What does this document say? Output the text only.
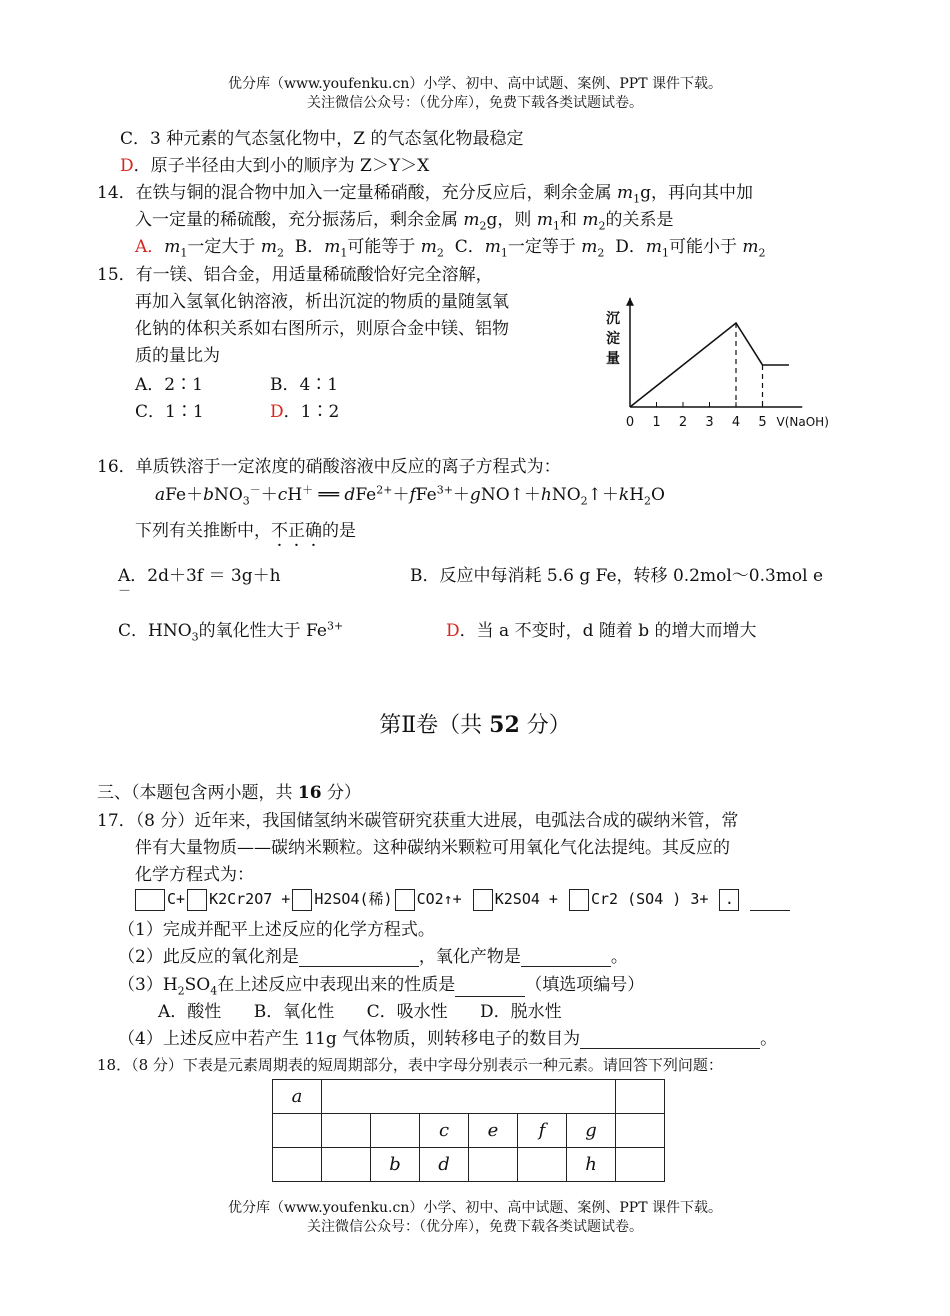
优分库（www.youfenku.cn）小学、初中、高中试题、案例、PPT 课件下载。
关注微信公众号：（优分库），免费下载各类试题试卷。
C．3 种元素的气态氢化物中，Z 的气态氢化物最稳定
D．原子半径由大到小的顺序为 Z＞Y＞X
14．在铁与铜的混合物中加入一定量稀硝酸，充分反应后，剩余金属 $m_1g$，再向其中加
入一定量的稀硫酸，充分振荡后，剩余金属 $m_2g$，则 $m_1$和 $m_2$的关系是
A．$m_1$一定大于 $m_2$ B．$m_1$可能等于 $m_2$ C．$m_1$一定等于 $m_2$ D．$m_1$可能小于 $m_2$
15．有一镁、铝合金，用适量稀硫酸恰好完全溶解，
再加入氢氧化钠溶液，析出沉淀的物质的量随氢氧
化钠的体积关系如右图所示，则原合金中镁、铝物
质的量比为
A．2∶1	B．4∶1
C．1∶1	D．1∶2
0 1 2 3 4 5 V(NaOH)
沉
淀
量
16．单质铁溶于一定浓度的硝酸溶液中反应的离子方程式为：
aFe＋bNO$_3$－＋cH＋ ══ $dFe^{2+}+fFe^{3+}+gNO↑+hNO_2↑+kH_2O$
下列有关推断中，不正确的是
A．2d＋3f ＝ 3g＋h	B．反应中每消耗 5.6 g Fe，转移 0.2mol～0.3mol e
－
C．$HNO_3$的氧化性大于 $Fe^{3+}$	D．当 a 不变时，d 随着 b 的增大而增大
第Ⅱ卷（共 52 分）
三、（本题包含两小题，共 16 分）
17．（8 分）近年来，我国储氢纳米碳管研究获重大进展，电弧法合成的碳纳米管，常
伴有大量物质——碳纳米颗粒。这种碳纳米颗粒可用氧化气化法提纯。其反应的
化学方程式为：
C+ K2Cr2O7 + H2SO4(稀) CO2↑+ K2SO4 + Cr2 (SO4 ) 3+ .
（1）完成并配平上述反应的化学方程式。
（2）此反应的氧化剂是	，氧化产物是	。
$(3)H_2SO_4$在上述反应中表现出来的性质是	（填选项编号）
A．酸性      B．氧化性      C．吸水性      D．脱水性
（4）上述反应中若产生 11g 气体物质，则转移电子的数目为	。
18．（8 分）下表是元素周期表的短周期部分，表中字母分别表示一种元素。请回答下列问题：
a							
			c	e	f	g	
		b	d			h	
优分库（www.youfenku.cn）小学、初中、高中试题、案例、PPT 课件下载。
关注微信公众号：（优分库），免费下载各类试题试卷。
